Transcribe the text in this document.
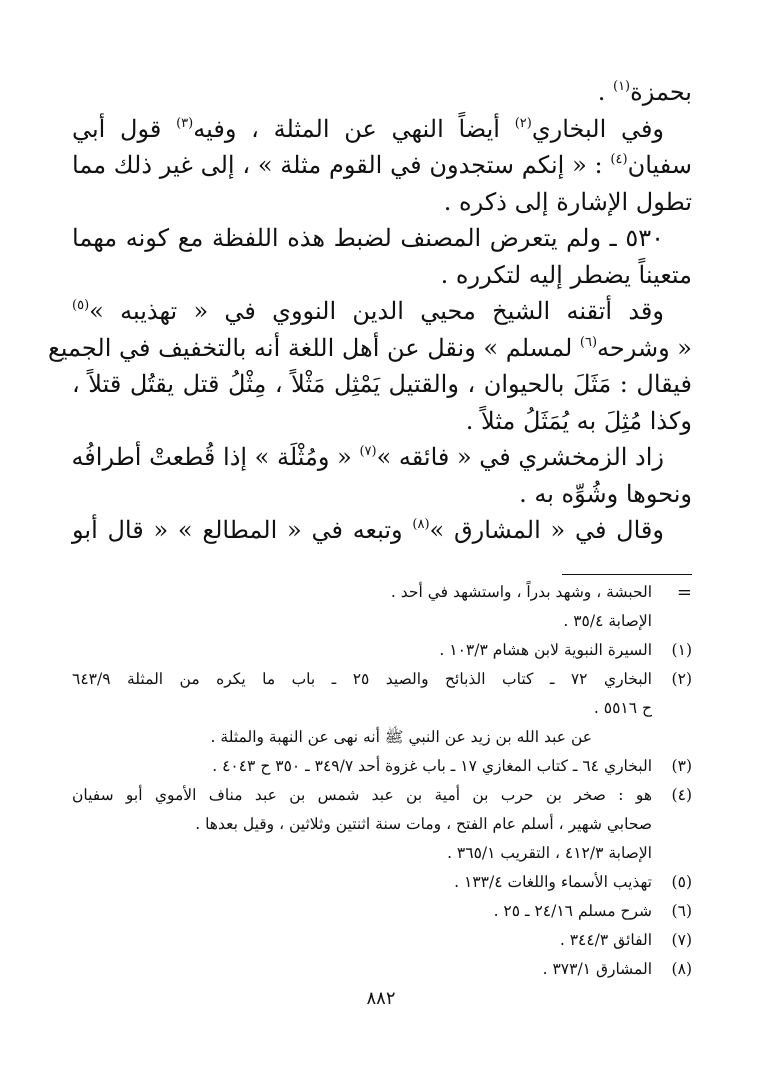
بحمزة$^{(١)}$ .
وفي البخاري$^{(٢)}$ أيضاً النهي عن المثلة ، وفيه$^{(٣)}$ قول أبي
سفيان$^{(٤)}$ : « إنكم ستجدون في القوم مثلة » ، إلى غير ذلك مما
تطول الإشارة إلى ذكره .
٥٣٠ ـ ولم يتعرض المصنف لضبط هذه اللفظة مع كونه مهما
متعيناً يضطر إليه لتكرره .
وقد أتقنه الشيخ محيي الدين النووي في « تهذيبه »$^{(٥)}$
« وشرحه$^{(٦)}$ لمسلم » ونقل عن أهل اللغة أنه بالتخفيف في الجميع
فيقال : مَثَلَ بالحيوان ، والقتيل يَمْثِل مَثْلاً ، مِثْلُ قتل يقتُل قتلاً ،
وكذا مُثِلَ به يُمَثَلُ مثلاً .
زاد الزمخشري في « فائقه »$^{(٧)}$ « ومُثْلَة » إذا قُطعتْ أطرافُه
ونحوها وشُوِّه به .
وقال في « المشارق »$^{(٨)}$ وتبعه في « المطالع » « قال أبو
=
الحبشة ، وشهد بدراً ، واستشهد في أحد .
الإصابة ٣٥/٤ .
(١)
السيرة النبوية لابن هشام ١٠٣/٣ .
(٢)
البخاري ٧٢ ـ كتاب الذبائح والصيد ٢٥ ـ باب ما يكره من المثلة ٦٤٣/٩
ح ٥٥١٦ .
عن عبد الله بن زيد عن النبي ﷺ أنه نهى عن النهبة والمثلة .
(٣)
البخاري ٦٤ ـ كتاب المغازي ١٧ ـ باب غزوة أحد ٣٤٩/٧ ـ ٣٥٠ ح ٤٠٤٣ .
(٤)
هو : صخر بن حرب بن أمية بن عبد شمس بن عبد مناف الأموي أبو سفيان
صحابي شهير ، أسلم عام الفتح ، ومات سنة اثنتين وثلاثين ، وقيل بعدها .
الإصابة ٤١٢/٣ ، التقريب ٣٦٥/١ .
(٥)
تهذيب الأسماء واللغات ١٣٣/٤ .
(٦)
شرح مسلم ٢٤/١٦ ـ ٢٥ .
(٧)
الفائق ٣٤٤/٣ .
(٨)
المشارق ٣٧٣/١ .
٨٨٢
